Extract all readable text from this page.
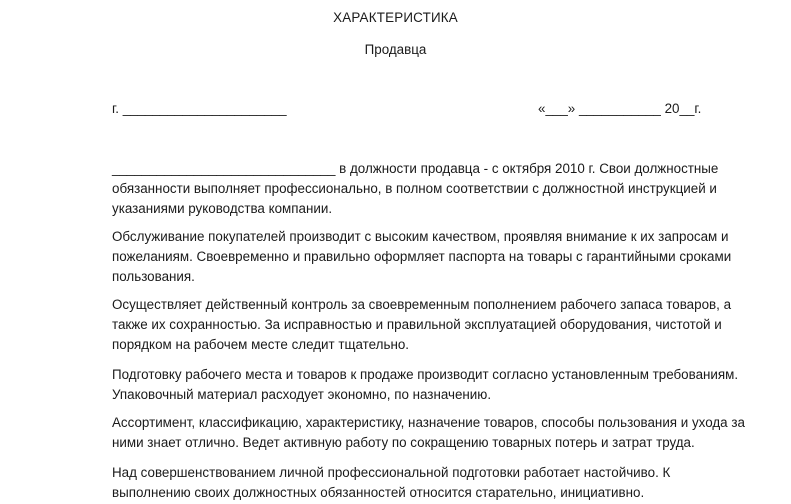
ХАРАКТЕРИСТИКА
Продавца
г. ______________________	«___» ___________ 20__г.

______________________________ в должности продавца - с октября 2010 г. Свои должностные обязанности выполняет профессионально, в полном соответствии с должностной инструкцией и указаниями руководства компании.

Обслуживание покупателей производит с высоким качеством, проявляя внимание к их запросам и пожеланиям. Своевременно и правильно оформляет паспорта на товары с гарантийными сроками пользования.

Осуществляет действенный контроль за своевременным пополнением рабочего запаса товаров, а также их сохранностью. За исправностью и правильной эксплуатацией оборудования, чистотой и порядком на рабочем месте следит тщательно.

Подготовку рабочего места и товаров к продаже производит согласно установленным требованиям. Упаковочный материал расходует экономно, по назначению.

Ассортимент, классификацию, характеристику, назначение товаров, способы пользования и ухода за ними знает отлично. Ведет активную работу по сокращению товарных потерь и затрат труда.

Над совершенствованием личной профессиональной подготовки работает настойчиво. К выполнению своих должностных обязанностей относится старательно, инициативно.
